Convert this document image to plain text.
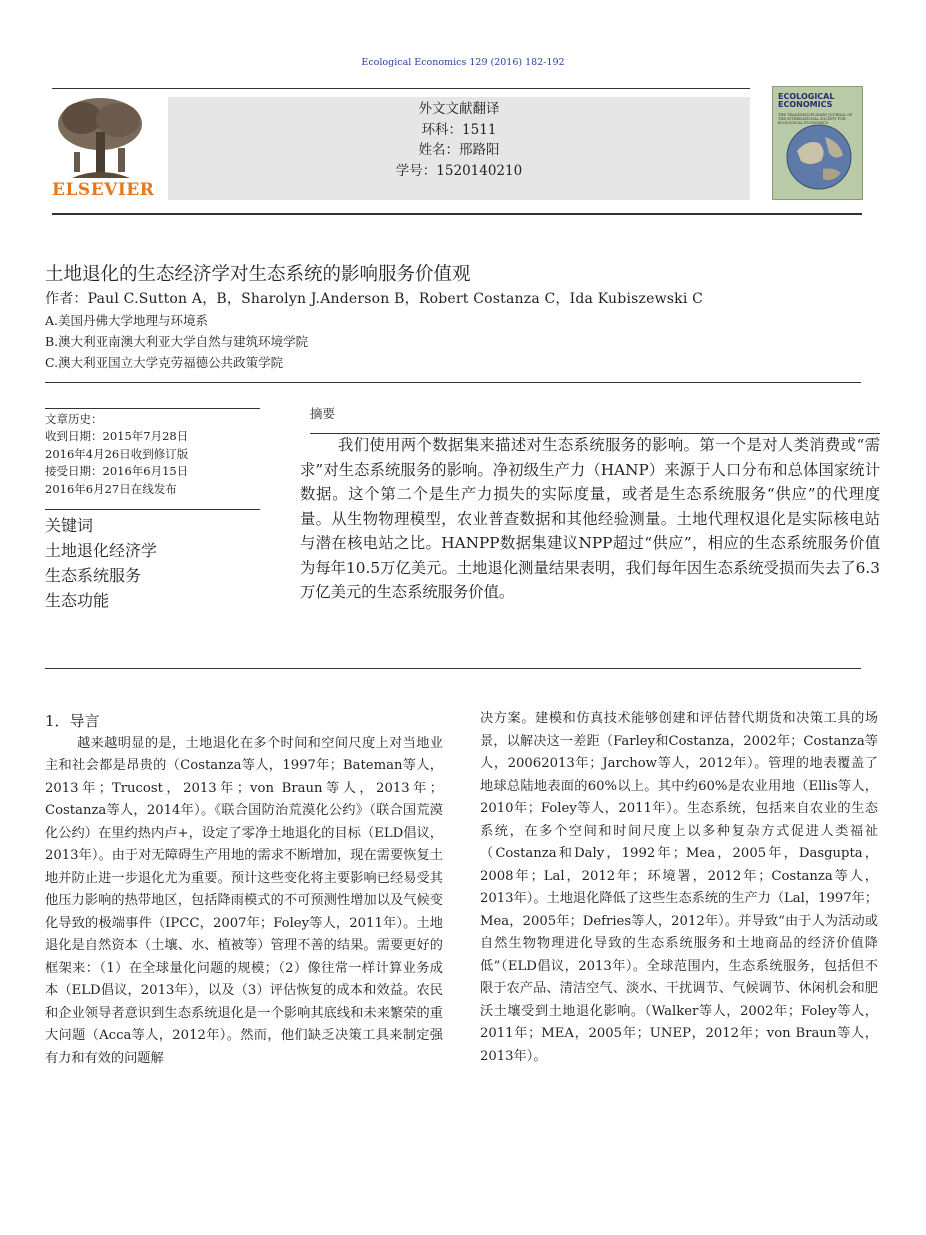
Ecological Economics 129 (2016) 182-192
ELSEVIER
外文文献翻译
环科：1511
姓名：邢路阳
学号：1520140210
ECOLOGICAL
ECONOMICS
THE TRANSDISCIPLINARY JOURNAL OF THE INTERNATIONAL SOCIETY FOR ECOLOGICAL ECONOMICS
土地退化的生态经济学对生态系统的影响服务价值观
作者：Paul C.Sutton A，B，Sharolyn J.Anderson B，Robert Costanza C，Ida Kubiszewski C
A.美国丹佛大学地理与环境系
B.澳大利亚南澳大利亚大学自然与建筑环境学院
C.澳大利亚国立大学克劳福德公共政策学院
文章历史：
收到日期：2015年7月28日
2016年4月26日收到修订版
接受日期：2016年6月15日
2016年6月27日在线发布
关键词
土地退化经济学
生态系统服务
生态功能
摘要

我们使用两个数据集来描述对生态系统服务的影响。第一个是对人类消费或“需求”对生态系统服务的影响。净初级生产力（HANP）来源于人口分布和总体国家统计数据。这个第二个是生产力损失的实际度量，或者是生态系统服务“供应”的代理度量。从生物物理模型，农业普查数据和其他经验测量。土地代理权退化是实际核电站与潜在核电站之比。HANPP数据集建议NPP超过“供应”，相应的生态系统服务价值为每年10.5万亿美元。土地退化测量结果表明，我们每年因生态系统受损而失去了6.3万亿美元的生态系统服务价值。

1．导言

越来越明显的是，土地退化在多个时间和空间尺度上对当地业主和社会都是昂贵的（Costanza等人，1997年；Bateman等人，2013年；Trucost，2013年；von Braun等人，2013年；Costanza等人，2014年）。《联合国防治荒漠化公约》（联合国荒漠化公约）在里约热内卢+，设定了零净土地退化的目标（ELD倡议，2013年）。由于对无障碍生产用地的需求不断增加，现在需要恢复土地并防止进一步退化尤为重要。预计这些变化将主要影响已经易受其他压力影响的热带地区，包括降雨模式的不可预测性增加以及气候变化导致的极端事件（IPCC，2007年；Foley等人，2011年）。土地退化是自然资本（土壤、水、植被等）管理不善的结果。需要更好的框架来：（1）在全球量化问题的规模；（2）像往常一样计算业务成本（ELD倡议，2013年），以及（3）评估恢复的成本和效益。农民和企业领导者意识到生态系统退化是一个影响其底线和未来繁荣的重大问题（Acca等人，2012年）。然而，他们缺乏决策工具来制定强有力和有效的问题解

决方案。建模和仿真技术能够创建和评估替代期货和决策工具的场景，以解决这一差距（Farley和Costanza，2002年；Costanza等人，20062013年；Jarchow等人，2012年）。管理的地表覆盖了地球总陆地表面的60%以上。其中约60%是农业用地（Ellis等人，2010年；Foley等人，2011年）。生态系统，包括来自农业的生态系统，在多个空间和时间尺度上以多种复杂方式促进人类福祉（Costanza和Daly，1992年；Mea，2005年，Dasgupta，2008年；Lal，2012年；环境署，2012年；Costanza等人，2013年）。土地退化降低了这些生态系统的生产力（Lal，1997年；Mea，2005年；Defries等人，2012年）。并导致“由于人为活动或自然生物物理进化导致的生态系统服务和土地商品的经济价值降低”（ELD倡议，2013年）。全球范围内，生态系统服务，包括但不限于农产品、清洁空气、淡水、干扰调节、气候调节、休闲机会和肥沃土壤受到土地退化影响。（Walker等人，2002年；Foley等人，2011年；MEA，2005年；UNEP，2012年；von Braun等人，2013年）。
